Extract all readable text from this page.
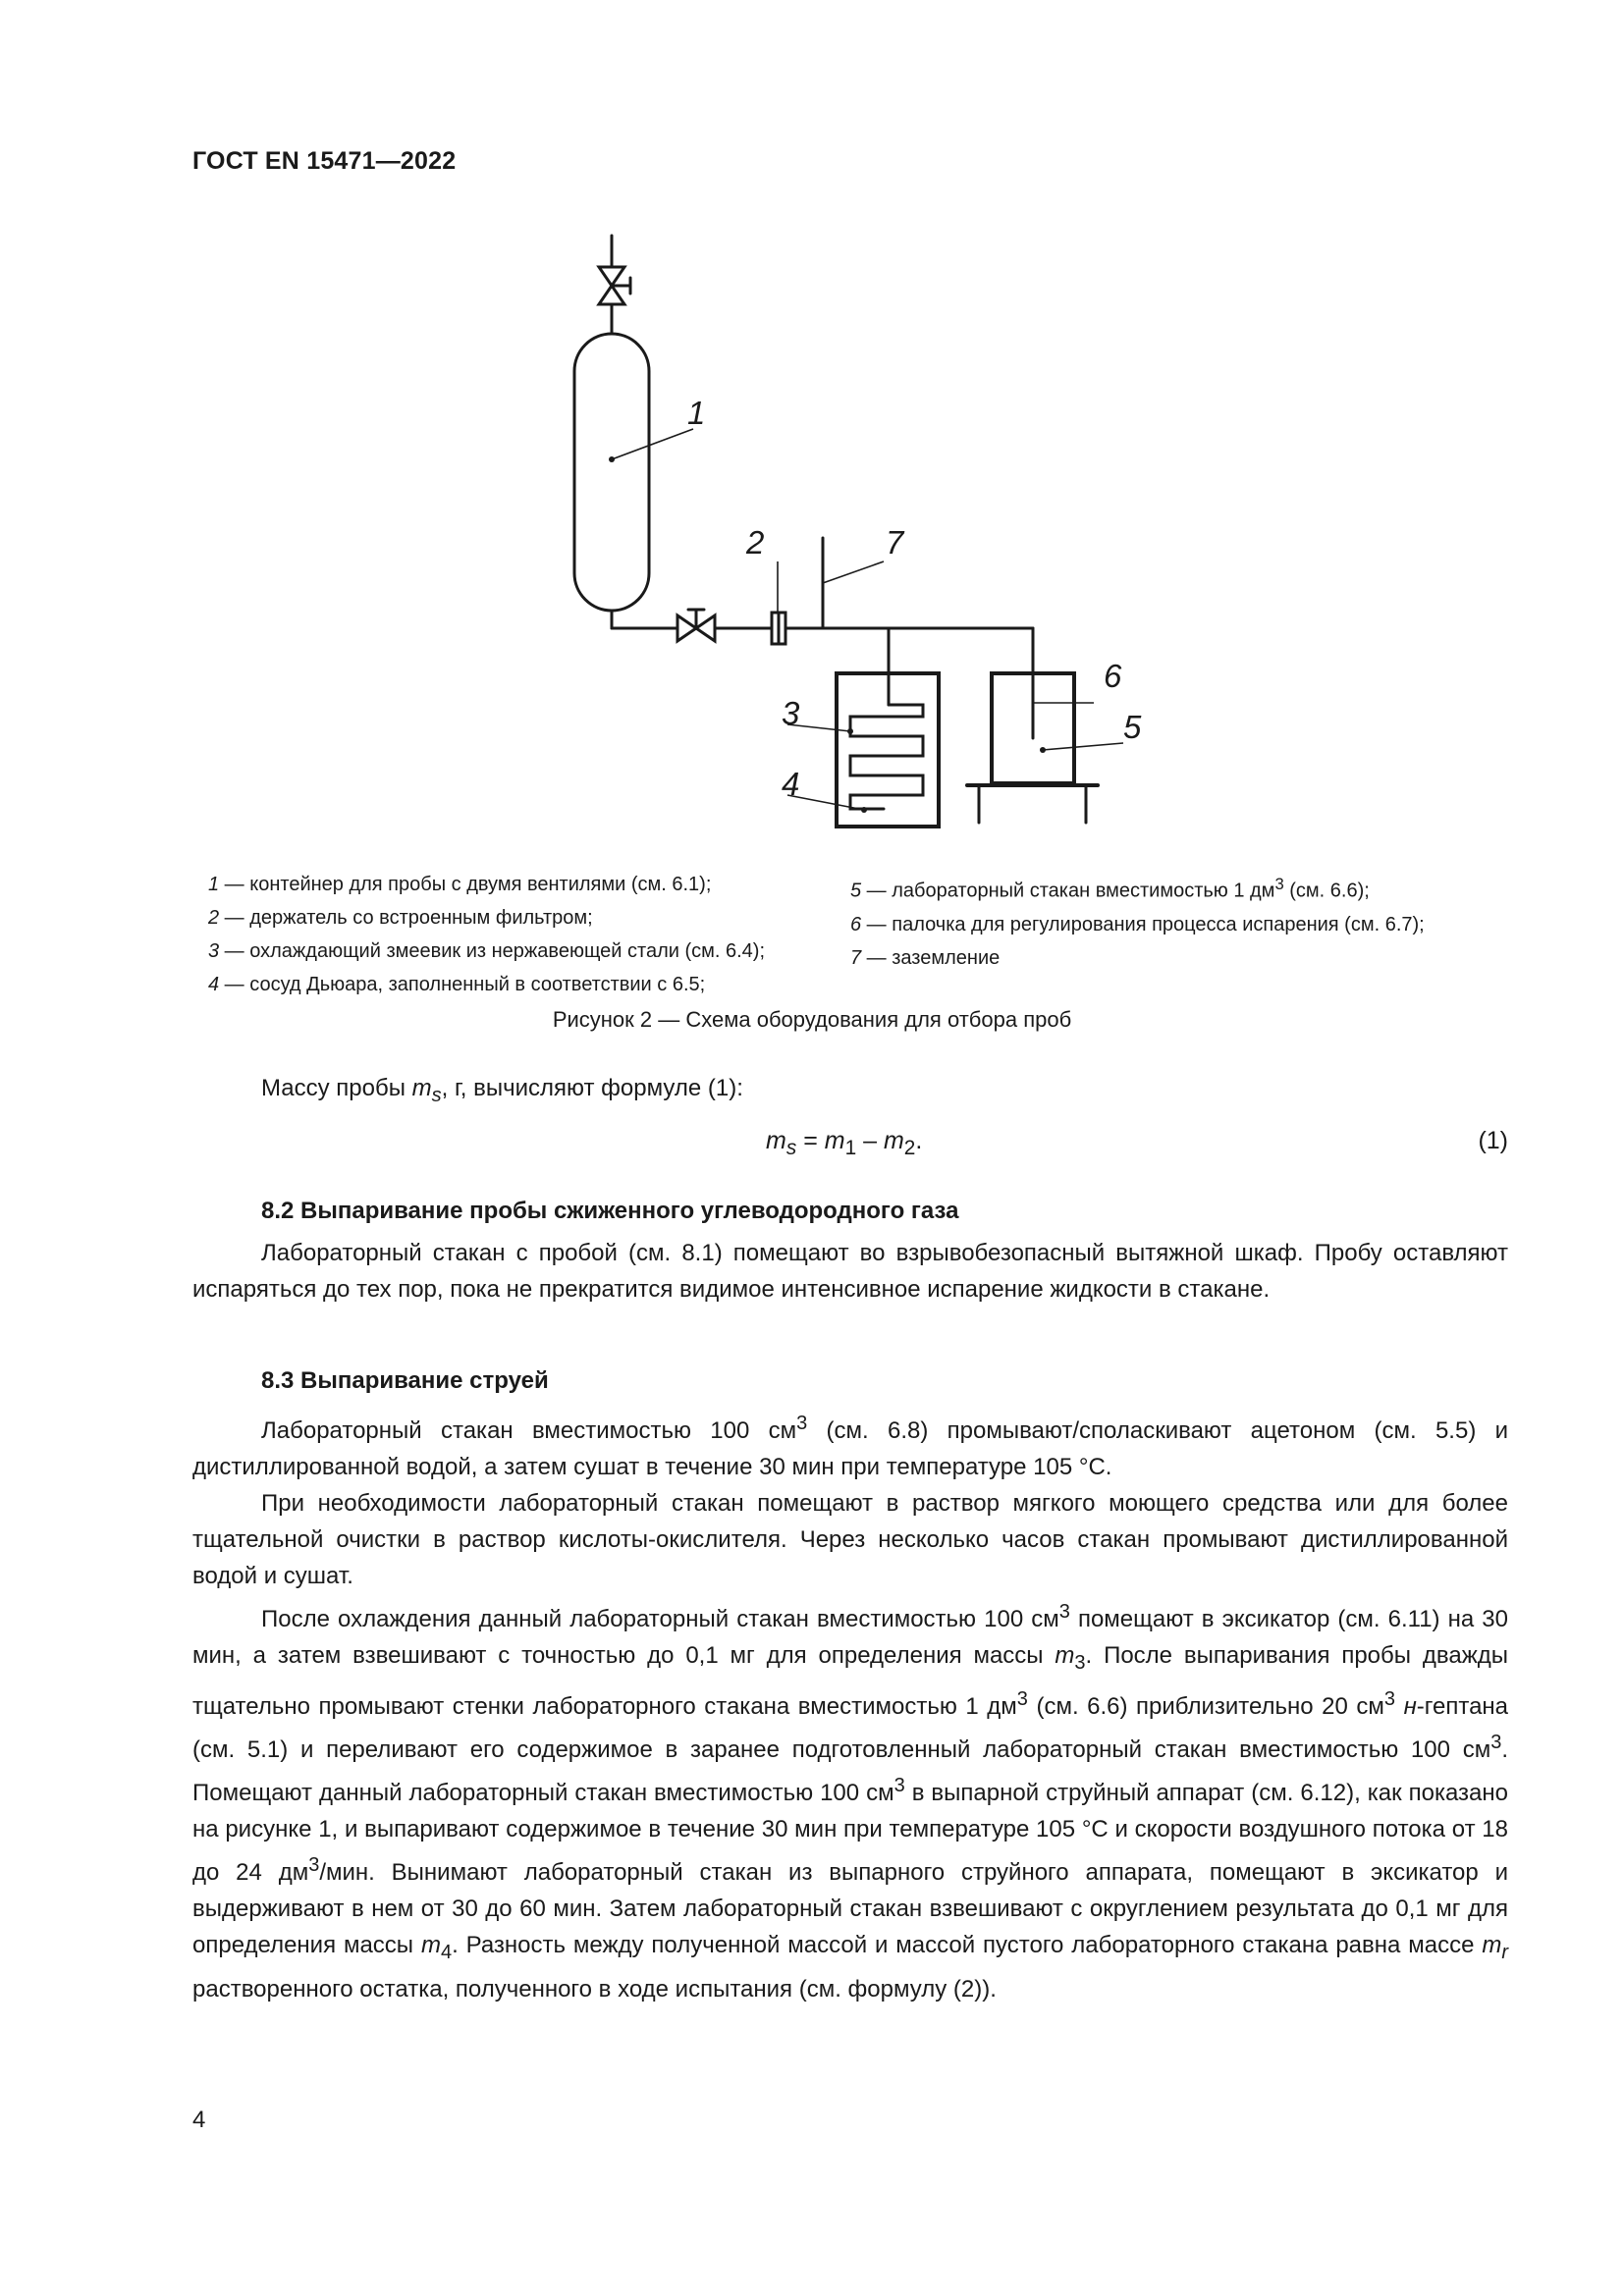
ГОСТ EN 15471—2022
1
2	7
3
4
6
5
1 — контейнер для пробы с двумя вентилями (см. 6.1);
2 — держатель со встроенным фильтром;
3 — охлаждающий змеевик из нержавеющей стали (см. 6.4);
4 — сосуд Дьюара, заполненный в соответствии с 6.5;
5 — лабораторный стакан вместимостью 1 $дм^3$ (см. 6.6);
6 — палочка для регулирования процесса испарения (см. 6.7);
7 — заземление
Рисунок 2 — Схема оборудования для отбора проб

Массу пробы $m_s$, г, вычисляют формуле (1):

$m_s = m_1 - m_2$.	(1)
8.2 Выпаривание пробы сжиженного углеводородного газа

Лабораторный стакан с пробой (см. 8.1) помещают во взрывобезопасный вытяжной шкаф. Пробу оставляют испаряться до тех пор, пока не прекратится видимое интенсивное испарение жидкости в стакане.

8.3 Выпаривание струей

Лабораторный стакан вместимостью 100 $см^3$ (см. 6.8) промывают/споласкивают ацетоном (см. 5.5) и дистиллированной водой, а затем сушат в течение 30 мин при температуре 105 °С.

При необходимости лабораторный стакан помещают в раствор мягкого моющего средства или для более тщательной очистки в раствор кислоты-окислителя. Через несколько часов стакан промывают дистиллированной водой и сушат.

После охлаждения данный лабораторный стакан вместимостью 100 $см^3$ помещают в эксикатор (см. 6.11) на 30 мин, а затем взвешивают с точностью до 0,1 мг для определения массы $m_3$. После выпаривания пробы дважды тщательно промывают стенки лабораторного стакана вместимостью 1 $дм^3$ (см. 6.6) приблизительно 20 $см^3$ н-гептана (см. 5.1) и переливают его содержимое в заранее подготовленный лабораторный стакан вместимостью 100 $см^3$. Помещают данный лабораторный стакан вместимостью 100 $см^3$ в выпарной струйный аппарат (см. 6.12), как показано на рисунке 1, и выпаривают содержимое в течение 30 мин при температуре 105 °С и скорости воздушного потока от 18 до 24 $дм^3$/мин. Вынимают лабораторный стакан из выпарного струйного аппарата, помещают в эксикатор и выдерживают в нем от 30 до 60 мин. Затем лабораторный стакан взвешивают с округлением результата до 0,1 мг для определения массы $m_4$. Разность между полученной массой и массой пустого лабораторного стакана равна массе $m_r$ растворенного остатка, полученного в ходе испытания (см. формулу (2)).

4
